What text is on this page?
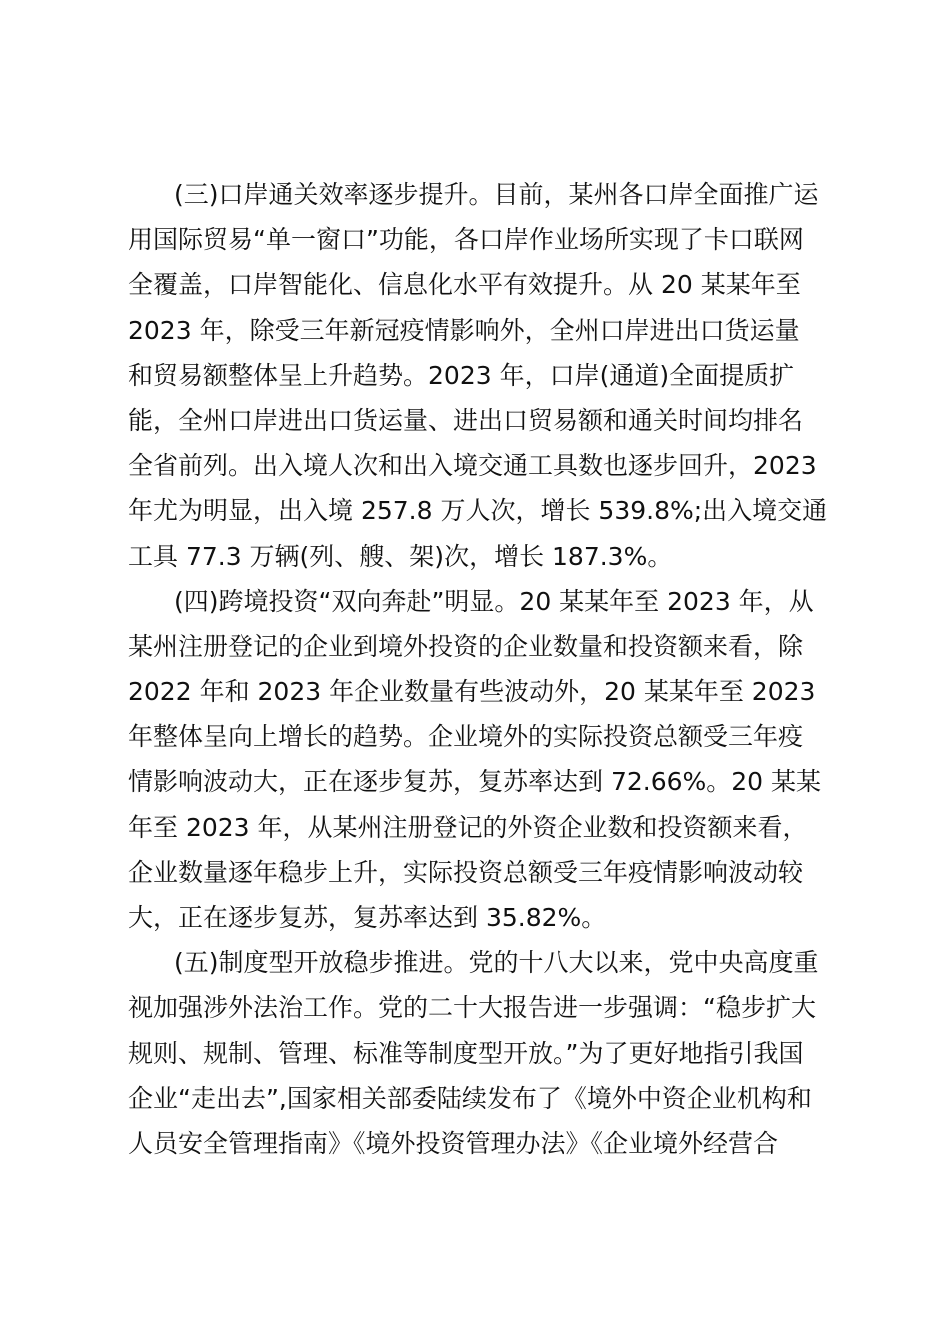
(三)口岸通关效率逐步提升。目前，某州各口岸全面推广运
用国际贸易“单一窗口”功能，各口岸作业场所实现了卡口联网
全覆盖，口岸智能化、信息化水平有效提升。从 20 某某年至
2023 年，除受三年新冠疫情影响外，全州口岸进出口货运量
和贸易额整体呈上升趋势。2023 年，口岸(通道)全面提质扩
能，全州口岸进出口货运量、进出口贸易额和通关时间均排名
全省前列。出入境人次和出入境交通工具数也逐步回升，2023
年尤为明显，出入境 257.8 万人次，增长 539.8%;出入境交通
工具 77.3 万辆(列、艘、架)次，增长 187.3%。
(四)跨境投资“双向奔赴”明显。20 某某年至 2023 年，从
某州注册登记的企业到境外投资的企业数量和投资额来看，除
2022 年和 2023 年企业数量有些波动外，20 某某年至 2023
年整体呈向上增长的趋势。企业境外的实际投资总额受三年疫
情影响波动大，正在逐步复苏，复苏率达到 72.66%。20 某某
年至 2023 年，从某州注册登记的外资企业数和投资额来看，
企业数量逐年稳步上升，实际投资总额受三年疫情影响波动较
大，正在逐步复苏，复苏率达到 35.82%。
(五)制度型开放稳步推进。党的十八大以来，党中央高度重
视加强涉外法治工作。党的二十大报告进一步强调：“稳步扩大
规则、规制、管理、标准等制度型开放。”为了更好地指引我国
企业“走出去”,国家相关部委陆续发布了《境外中资企业机构和
人员安全管理指南》《境外投资管理办法》《企业境外经营合
